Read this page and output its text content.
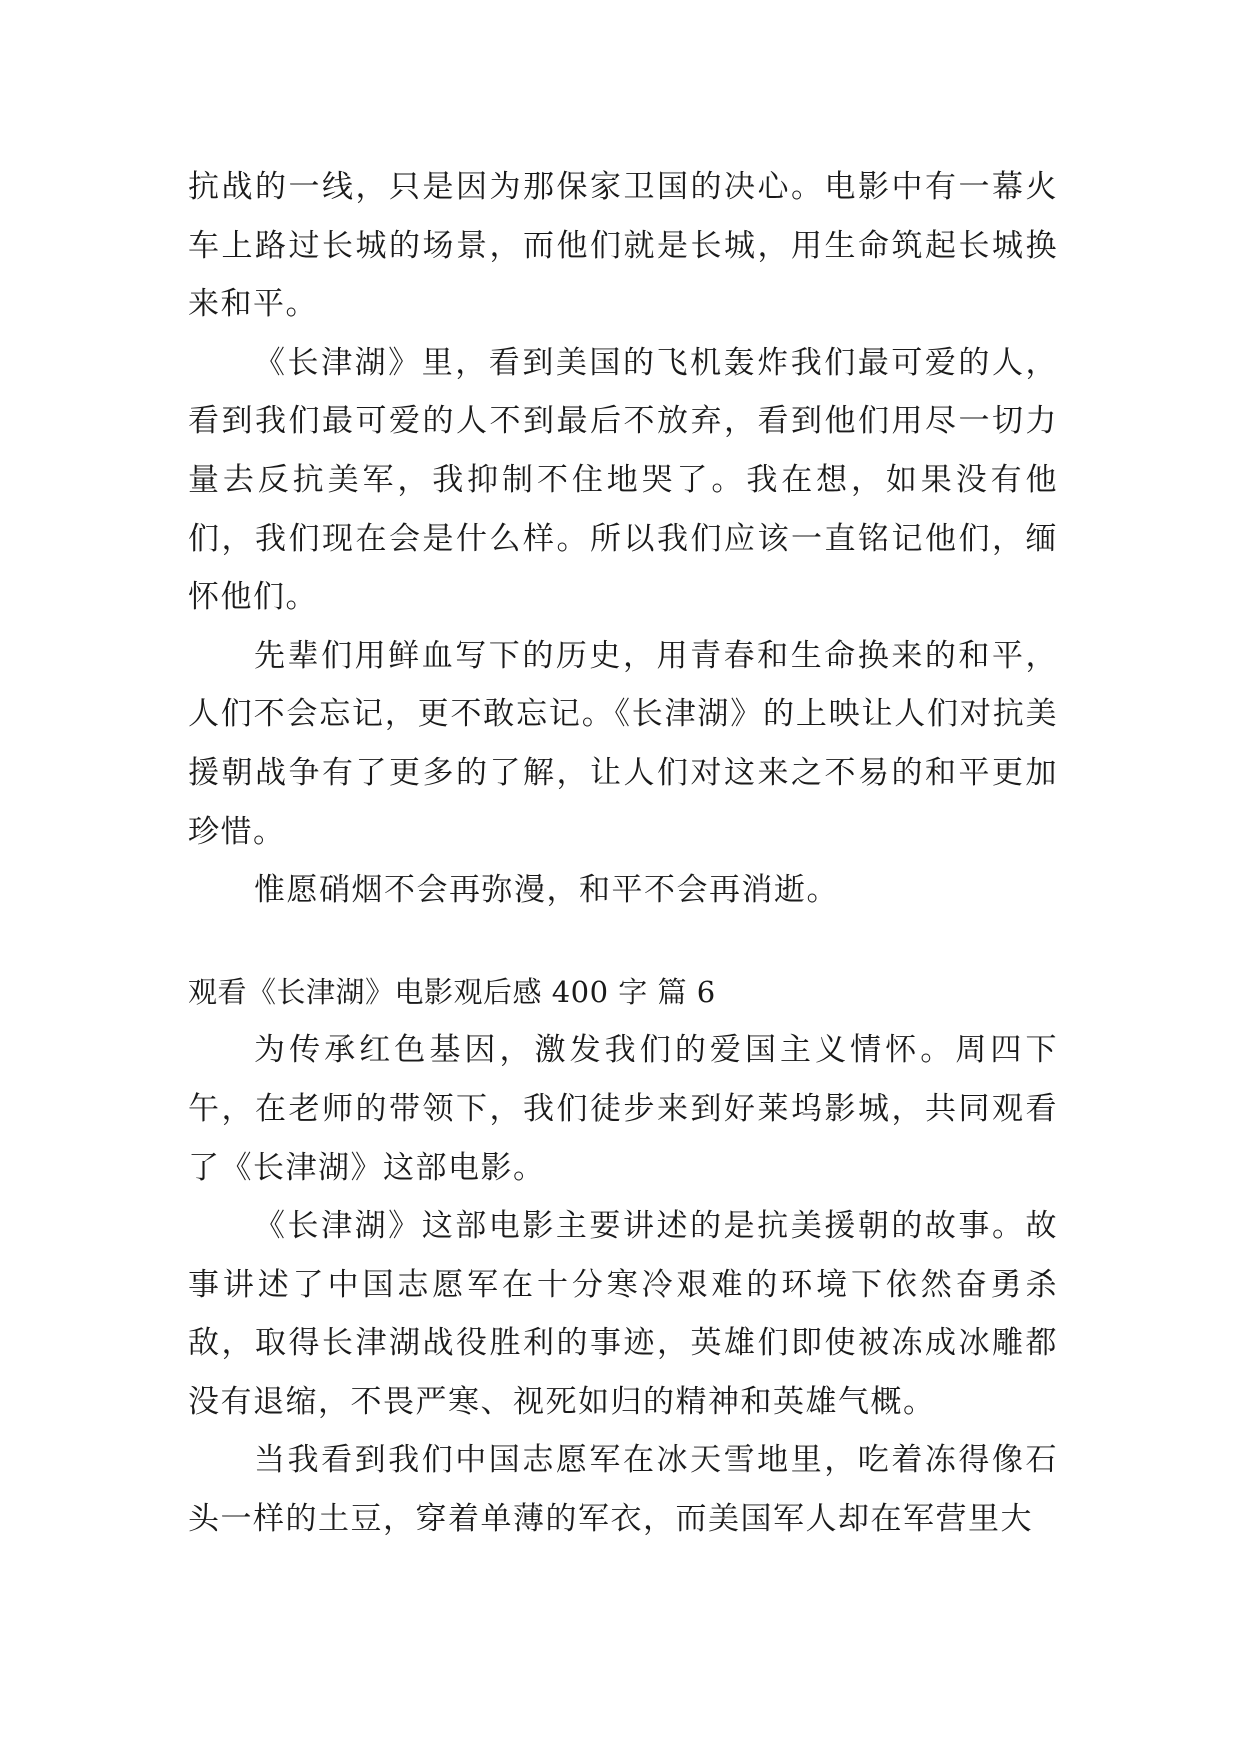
抗战的一线，只是因为那保家卫国的决心。电影中有一幕火车上路过长城的场景，而他们就是长城，用生命筑起长城换来和平。

《长津湖》里，看到美国的飞机轰炸我们最可爱的人，看到我们最可爱的人不到最后不放弃，看到他们用尽一切力量去反抗美军，我抑制不住地哭了。我在想，如果没有他们，我们现在会是什么样。所以我们应该一直铭记他们，缅怀他们。

先辈们用鲜血写下的历史，用青春和生命换来的和平，人们不会忘记，更不敢忘记。《长津湖》的上映让人们对抗美援朝战争有了更多的了解，让人们对这来之不易的和平更加珍惜。

惟愿硝烟不会再弥漫，和平不会再消逝。

观看《长津湖》电影观后感 400 字 篇 6

为传承红色基因，激发我们的爱国主义情怀。周四下午，在老师的带领下，我们徒步来到好莱坞影城，共同观看了《长津湖》这部电影。

《长津湖》这部电影主要讲述的是抗美援朝的故事。故事讲述了中国志愿军在十分寒冷艰难的环境下依然奋勇杀敌，取得长津湖战役胜利的事迹，英雄们即使被冻成冰雕都没有退缩，不畏严寒、视死如归的精神和英雄气概。

当我看到我们中国志愿军在冰天雪地里，吃着冻得像石头一样的土豆，穿着单薄的军衣，而美国军人却在军营里大
